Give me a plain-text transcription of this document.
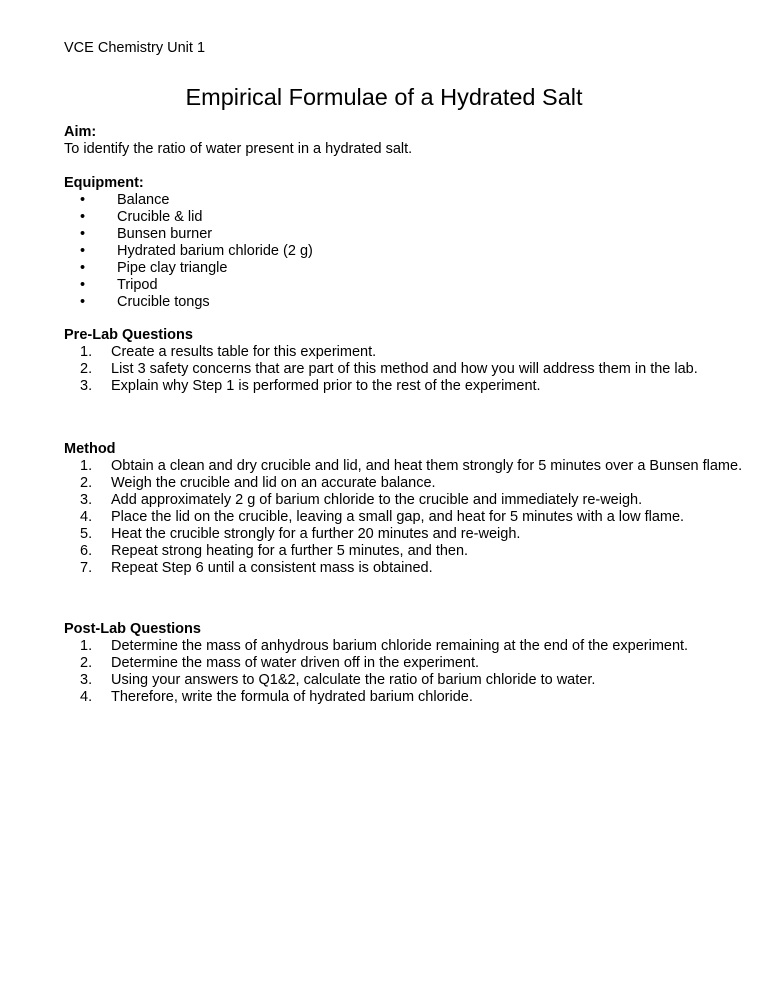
VCE Chemistry Unit 1
Empirical Formulae of a Hydrated Salt
Aim:
To identify the ratio of water present in a hydrated salt.
Equipment:
• Balance
• Crucible & lid
• Bunsen burner
• Hydrated barium chloride (2 g)
• Pipe clay triangle
• Tripod
• Crucible tongs
Pre-Lab Questions
1.	Create a results table for this experiment.
2.	List 3 safety concerns that are part of this method and how you will address them in the lab.
3.	Explain why Step 1 is performed prior to the rest of the experiment.
Method
1.	Obtain a clean and dry crucible and lid, and heat them strongly for 5 minutes over a Bunsen flame.
2.	Weigh the crucible and lid on an accurate balance.
3.	Add approximately 2 g of barium chloride to the crucible and immediately re-weigh.
4.	Place the lid on the crucible, leaving a small gap, and heat for 5 minutes with a low flame.
5.	Heat the crucible strongly for a further 20 minutes and re-weigh.
6.	Repeat strong heating for a further 5 minutes, and then.
7.	Repeat Step 6 until a consistent mass is obtained.
Post-Lab Questions
1.	Determine the mass of anhydrous barium chloride remaining at the end of the experiment.
2.	Determine the mass of water driven off in the experiment.
3.	Using your answers to Q1&2, calculate the ratio of barium chloride to water.
4.	Therefore, write the formula of hydrated barium chloride.
